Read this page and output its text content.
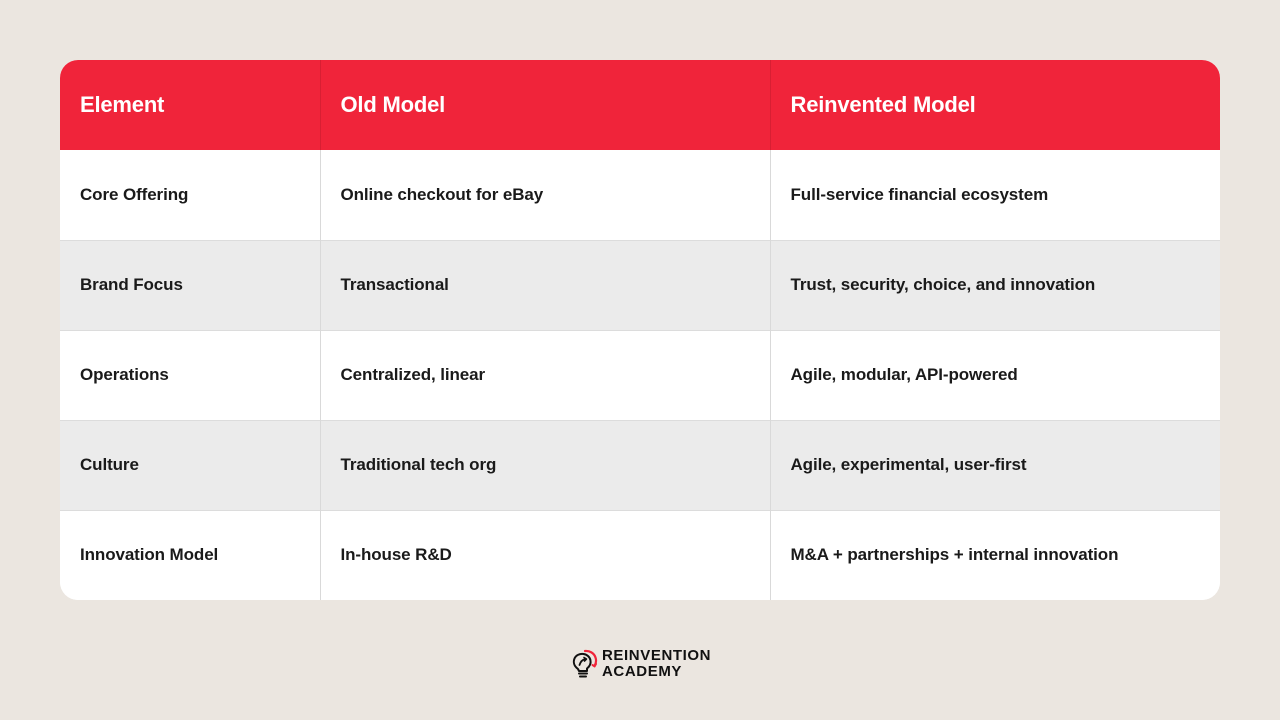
Element	Old Model	Reinvented Model
Core Offering	Online checkout for eBay	Full-service financial ecosystem
Brand Focus	Transactional	Trust, security, choice, and innovation
Operations	Centralized, linear	Agile, modular, API-powered
Culture	Traditional tech org	Agile, experimental, user-first
Innovation Model	In-house R&D	M&A + partnerships + internal innovation
REINVENTION
ACADEMY
